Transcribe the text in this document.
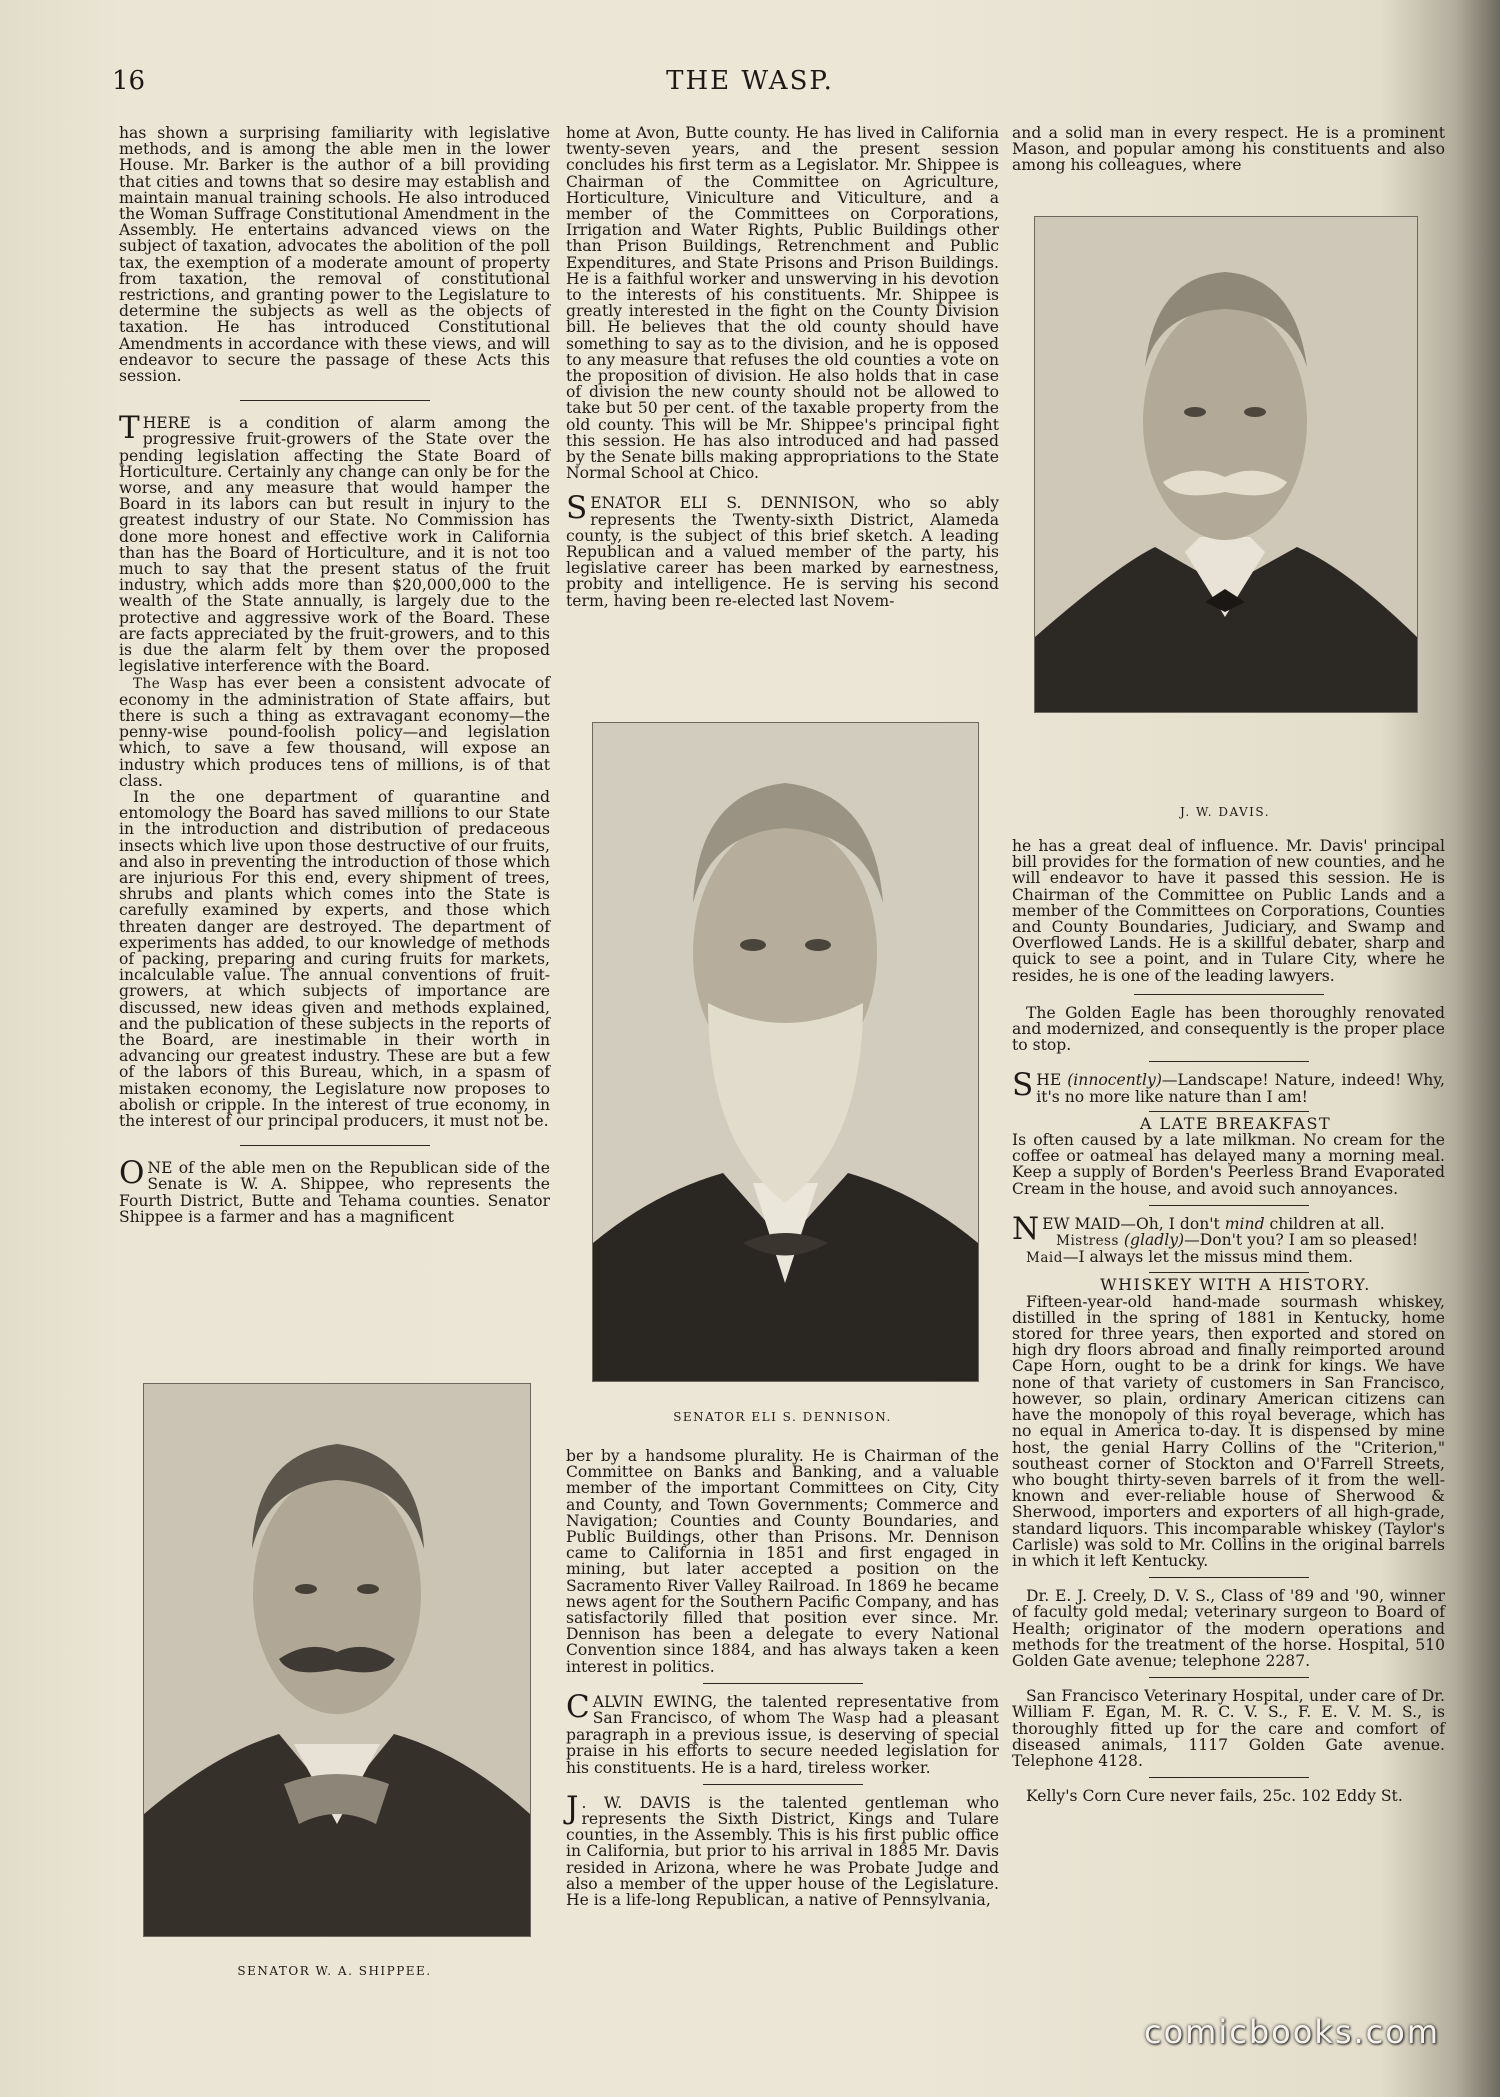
16	THE WASP.

has shown a surprising familiarity with legislative methods, and is among the able men in the lower House. Mr. Barker is the author of a bill providing that cities and towns that so desire may establish and maintain manual training schools. He also introduced the Woman Suffrage Constitutional Amendment in the Assembly. He entertains advanced views on the subject of taxation, advocates the abolition of the poll tax, the exemption of a moderate amount of property from taxation, the removal of constitutional restrictions, and granting power to the Legislature to determine the subjects as well as the objects of taxation. He has introduced Constitutional Amendments in accordance with these views, and will endeavor to secure the passage of these Acts this session.

THERE is a condition of alarm among the progressive fruit-growers of the State over the pending legislation affecting the State Board of Horticulture. Certainly any change can only be for the worse, and any measure that would hamper the Board in its labors can but result in injury to the greatest industry of our State. No Commission has done more honest and effective work in California than has the Board of Horticulture, and it is not too much to say that the present status of the fruit industry, which adds more than $20,000,000 to the wealth of the State annually, is largely due to the protective and aggressive work of the Board. These are facts appreciated by the fruit-growers, and to this is due the alarm felt by them over the proposed legislative interference with the Board.

The Wasp has ever been a consistent advocate of economy in the administration of State affairs, but there is such a thing as extravagant economy—the penny-wise pound-foolish policy—and legislation which, to save a few thousand, will expose an industry which produces tens of millions, is of that class.

In the one department of quarantine and entomology the Board has saved millions to our State in the introduction and distribution of predaceous insects which live upon those destructive of our fruits, and also in preventing the introduction of those which are injurious For this end, every shipment of trees, shrubs and plants which comes into the State is carefully examined by experts, and those which threaten danger are destroyed. The department of experiments has added, to our knowledge of methods of packing, preparing and curing fruits for markets, incalculable value. The annual conventions of fruit-growers, at which subjects of importance are discussed, new ideas given and methods explained, and the publication of these subjects in the reports of the Board, are inestimable in their worth in advancing our greatest industry. These are but a few of the labors of this Bureau, which, in a spasm of mistaken economy, the Legislature now proposes to abolish or cripple. In the interest of true economy, in the interest of our principal producers, it must not be.

ONE of the able men on the Republican side of the Senate is W. A. Shippee, who represents the Fourth District, Butte and Tehama counties. Senator Shippee is a farmer and has a magnificent

home at Avon, Butte county. He has lived in California twenty-seven years, and the present session concludes his first term as a Legislator. Mr. Shippee is Chairman of the Committee on Agriculture, Horticulture, Viniculture and Viticulture, and a member of the Committees on Corporations, Irrigation and Water Rights, Public Buildings other than Prison Buildings, Retrenchment and Public Expenditures, and State Prisons and Prison Buildings. He is a faithful worker and unswerving in his devotion to the interests of his constituents. Mr. Shippee is greatly interested in the fight on the County Division bill. He believes that the old county should have something to say as to the division, and he is opposed to any measure that refuses the old counties a vote on the proposition of division. He also holds that in case of division the new county should not be allowed to take but 50 per cent. of the taxable property from the old county. This will be Mr. Shippee's principal fight this session. He has also introduced and had passed by the Senate bills making appropriations to the State Normal School at Chico.

SENATOR ELI S. DENNISON, who so ably represents the Twenty-sixth District, Alameda county, is the subject of this brief sketch. A leading Republican and a valued member of the party, his legislative career has been marked by earnestness, probity and intelligence. He is serving his second term, having been re-elected last Novem-

ber by a handsome plurality. He is Chairman of the Committee on Banks and Banking, and a valuable member of the important Committees on City, City and County, and Town Governments; Commerce and Navigation; Counties and County Boundaries, and Public Buildings, other than Prisons. Mr. Dennison came to California in 1851 and first engaged in mining, but later accepted a position on the Sacramento River Valley Railroad. In 1869 he became news agent for the Southern Pacific Company, and has satisfactorily filled that position ever since. Mr. Dennison has been a delegate to every National Convention since 1884, and has always taken a keen interest in politics.

CALVIN EWING, the talented representative from San Francisco, of whom The Wasp had a pleasant paragraph in a previous issue, is deserving of special praise in his efforts to secure needed legislation for his constituents. He is a hard, tireless worker.

J . W. DAVIS is the talented gentleman who represents the Sixth District, Kings and Tulare counties, in the Assembly. This is his first public office in California, but prior to his arrival in 1885 Mr. Davis resided in Arizona, where he was Probate Judge and also a member of the upper house of the Legislature. He is a life-long Republican, a native of Pennsylvania,

and a solid man in every respect. He is a prominent Mason, and popular among his constituents and also among his colleagues, where

he has a great deal of influence. Mr. Davis' principal bill provides for the formation of new counties, and he will endeavor to have it passed this session. He is Chairman of the Committee on Public Lands and a member of the Committees on Corporations, Counties and County Boundaries, Judiciary, and Swamp and Overflowed Lands. He is a skillful debater, sharp and quick to see a point, and in Tulare City, where he resides, he is one of the leading lawyers.

The Golden Eagle has been thoroughly renovated and modernized, and consequently is the proper place to stop.

SHE (innocently)—Landscape! Nature, indeed! Why, it's no more like nature than I am!

A LATE BREAKFAST

Is often caused by a late milkman. No cream for the coffee or oatmeal has delayed many a morning meal. Keep a supply of Borden's Peerless Brand Evaporated Cream in the house, and avoid such annoyances.

NEW MAID—Oh, I don't mind children at all.

Mistress (gladly)—Don't you? I am so pleased!

Maid—I always let the missus mind them.

WHISKEY WITH A HISTORY.

Fifteen-year-old hand-made sourmash whiskey, distilled in the spring of 1881 in Kentucky, home stored for three years, then exported and stored on high dry floors abroad and finally reimported around Cape Horn, ought to be a drink for kings. We have none of that variety of customers in San Francisco, however, so plain, ordinary American citizens can have the monopoly of this royal beverage, which has no equal in America to-day. It is dispensed by mine host, the genial Harry Collins of the "Criterion," southeast corner of Stockton and O'Farrell Streets, who bought thirty-seven barrels of it from the well-known and ever-reliable house of Sherwood & Sherwood, importers and exporters of all high-grade, standard liquors. This incomparable whiskey (Taylor's Carlisle) was sold to Mr. Collins in the original barrels in which it left Kentucky.

Dr. E. J. Creely, D. V. S., Class of '89 and '90, winner of faculty gold medal; veterinary surgeon to Board of Health; originator of the modern operations and methods for the treatment of the horse. Hospital, 510 Golden Gate avenue; telephone 2287.

San Francisco Veterinary Hospital, under care of Dr. William F. Egan, M. R. C. V. S., F. E. V. M. S., is thoroughly fitted up for the care and comfort of diseased animals, 1117 Golden Gate avenue. Telephone 4128.

Kelly's Corn Cure never fails, 25c. 102 Eddy St.

J. W. DAVIS.
SENATOR ELI S. DENNISON.
SENATOR W. A. SHIPPEE.
comicbooks.com
